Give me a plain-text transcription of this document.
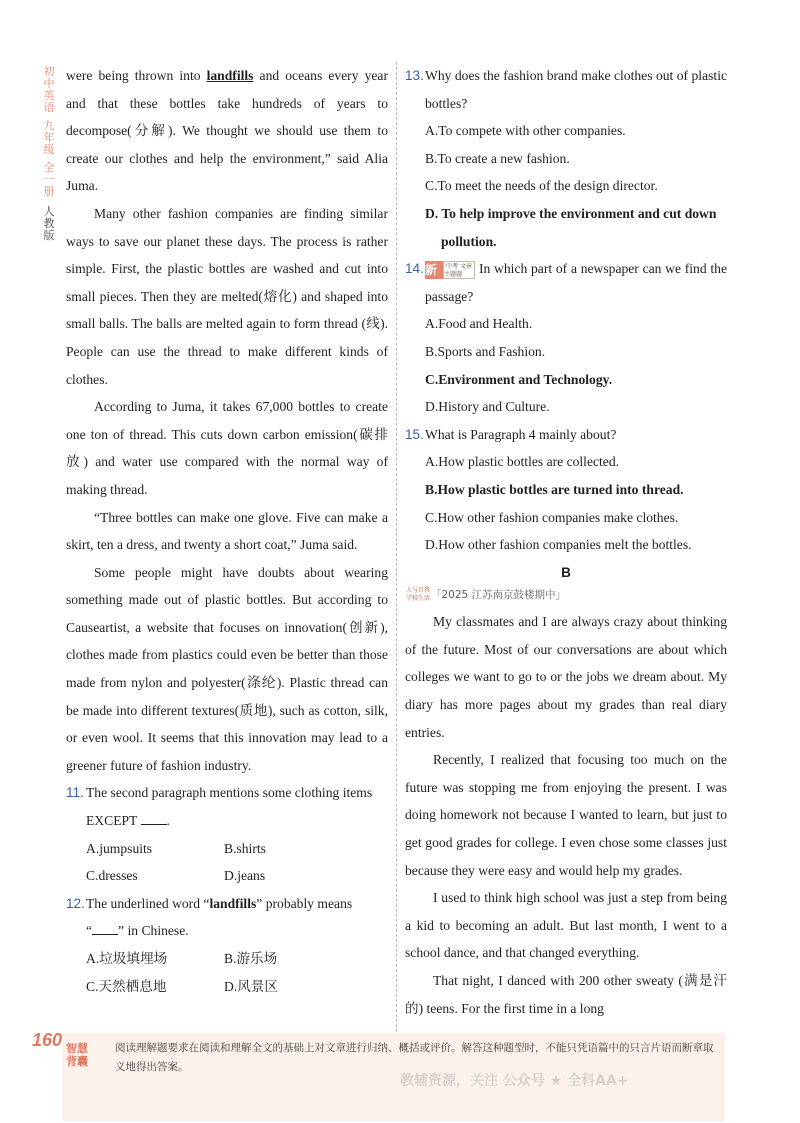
初
中
英
语
九
年
级
全
一
册
人
教
版

were being thrown into landfills and oceans every year and that these bottles take hundreds of years to decompose(分解). We thought we should use them to create our clothes and help the environment,” said Alia Juma.

Many other fashion companies are finding similar ways to save our planet these days. The process is rather simple. First, the plastic bottles are washed and cut into small pieces. Then they are melted(熔化) and shaped into small balls. The balls are melted again to form thread (线). People can use the thread to make different kinds of clothes.

According to Juma, it takes 67,000 bottles to create one ton of thread. This cuts down carbon emission(碳排放) and water use compared with the normal way of making thread.

“Three bottles can make one glove. Five can make a skirt, ten a dress, and twenty a short coat,” Juma said.

Some people might have doubts about wearing something made out of plastic bottles. But according to Causeartist, a website that focuses on innovation(创新), clothes made from plastics could even be better than those made from nylon and polyester(涤纶). Plastic thread can be made into different textures(质地), such as cotton, silk, or even wool. It seems that this innovation may lead to a greener future of fashion industry.

11. The second paragraph mentions some clothing items
EXCEPT .
A.jumpsuits	B.shirts
C.dresses	D.jeans
12. The underlined word “landfills” probably means
“ ” in Chinese.
A.垃圾填埋场	B.游乐场
C.天然栖息地	D.风景区
13. Why does the fashion brand make clothes out of plastic bottles?
A.To compete with other companies.
B.To create a new fashion.
C.To meet the needs of the design director.
D. To help improve the environment and cut down pollution.
14. 新	中考 文章主题题	In which part of a newspaper can we find the passage?
A.Food and Health.
B.Sports and Fashion.
C.Environment and Technology.
D.History and Culture.
15. What is Paragraph 4 mainly about?
A.How plastic bottles are collected.
B.How plastic bottles are turned into thread.
C.How other fashion companies make clothes.
D.How other fashion companies melt the bottles.
B
人与自我 学校生活「2025 江苏南京鼓楼期中」

My classmates and I are always crazy about thinking of the future. Most of our conversations are about which colleges we want to go to or the jobs we dream about. My diary has more pages about my grades than real diary entries.

Recently, I realized that focusing too much on the future was stopping me from enjoying the present. I was doing homework not because I wanted to learn, but just to get good grades for college. I even chose some classes just because they were easy and would help my grades.

I used to think high school was just a step from being a kid to becoming an adult. But last month, I went to a school dance, and that changed everything.

That night, I danced with 200 other sweaty (满是汗的) teens. For the first time in a long

160 智慧背囊
阅读理解题要求在阅读和理解全文的基础上对文章进行归纳、概括或评价。解答这种题型时，不能只凭语篇中的只言片语而断章取义地得出答案。
教辅资源，关注 公众号 ★ 全科AA+
